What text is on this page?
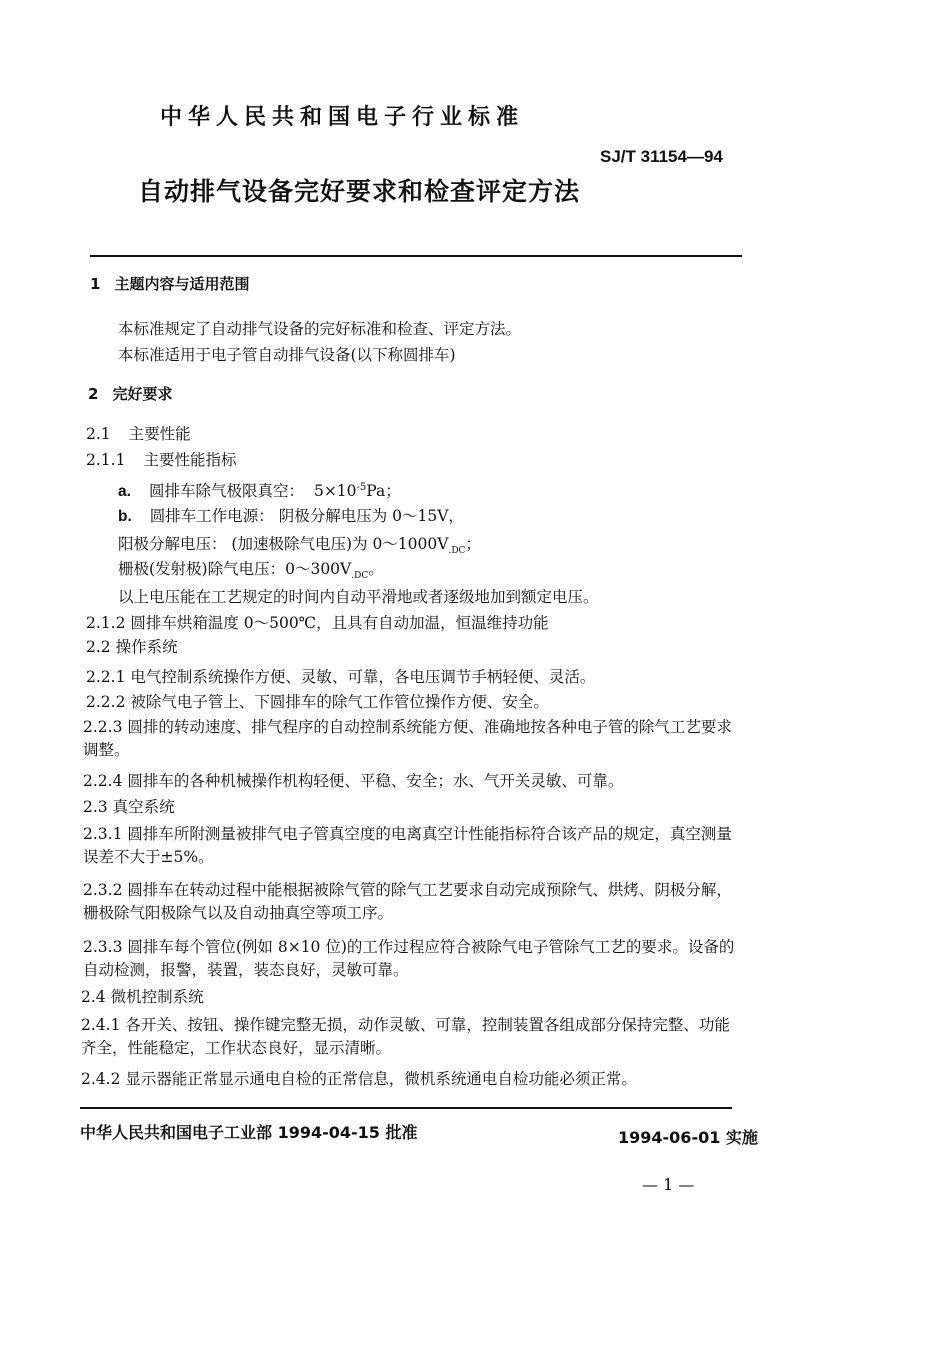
中华人民共和国电子行业标准
SJ/T 31154—94
自动排气设备完好要求和检查评定方法
1 主题内容与适用范围
本标准规定了自动排气设备的完好标准和检查、评定方法。
本标准适用于电子管自动排气设备(以下称圆排车)
2 完好要求
2.1 主要性能
2.1.1 主要性能指标
a. 圆排车除气极限真空： $5\times 10^{-5}Pa$；
b. 圆排车工作电源： 阴极分解电压为 0～15V，
阳极分解电压： (加速极除气电压)为 $0\sim 1000V_{.DC}$；
栅极(发射极)除气电压：$0\sim 300V_{.DC}$。
以上电压能在工艺规定的时间内自动平滑地或者逐级地加到额定电压。
2.1.2 圆排车烘箱温度 0～500℃，且具有自动加温，恒温维持功能
2.2 操作系统
2.2.1 电气控制系统操作方便、灵敏、可靠，各电压调节手柄轻便、灵活。
2.2.2 被除气电子管上、下圆排车的除气工作管位操作方便、安全。
2.2.3 圆排的转动速度、排气程序的自动控制系统能方便、准确地按各种电子管的除气工艺要求调整。
2.2.4 圆排车的各种机械操作机构轻便、平稳、安全；水、气开关灵敏、可靠。
2.3 真空系统
2.3.1 圆排车所附测量被排气电子管真空度的电离真空计性能指标符合该产品的规定，真空测量误差不大于±5%。
2.3.2 圆排车在转动过程中能根据被除气管的除气工艺要求自动完成预除气、烘烤、阴极分解，栅极除气阳极除气以及自动抽真空等项工序。
2.3.3 圆排车每个管位(例如 8×10 位)的工作过程应符合被除气电子管除气工艺的要求。设备的自动检测，报警，装置，装态良好，灵敏可靠。
2.4 微机控制系统
2.4.1 各开关、按钮、操作键完整无损，动作灵敏、可靠，控制装置各组成部分保持完整、功能齐全，性能稳定，工作状态良好，显示清晰。
2.4.2 显示器能正常显示通电自检的正常信息，微机系统通电自检功能必须正常。
中华人民共和国电子工业部 1994-04-15 批准	1994-06-01 实施
— 1 —
